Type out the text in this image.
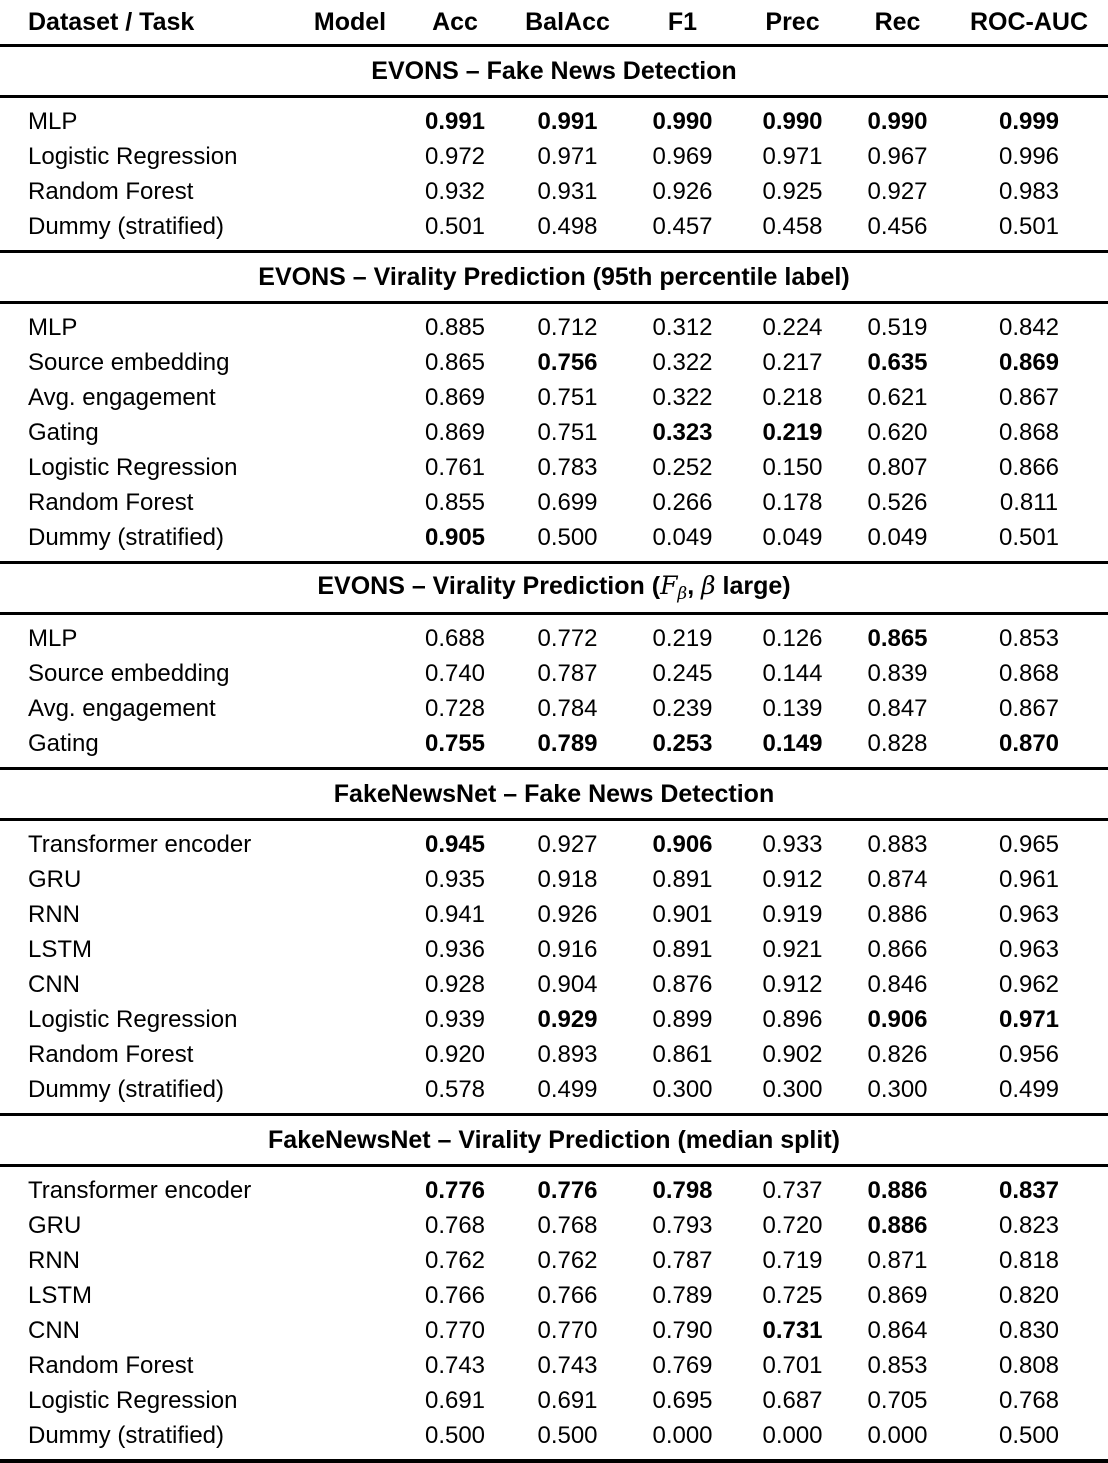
Dataset / Task	Model	Acc	BalAcc	F1	Prec	Rec	ROC-AUC
EVONS – Fake News Detection							
MLP		0.991	0.991	0.990	0.990	0.990	0.999
Logistic Regression		0.972	0.971	0.969	0.971	0.967	0.996
Random Forest		0.932	0.931	0.926	0.925	0.927	0.983
Dummy (stratified)		0.501	0.498	0.457	0.458	0.456	0.501
EVONS – Virality Prediction (95th percentile label)							
MLP		0.885	0.712	0.312	0.224	0.519	0.842
Source embedding		0.865	0.756	0.322	0.217	0.635	0.869
Avg. engagement		0.869	0.751	0.322	0.218	0.621	0.867
Gating		0.869	0.751	0.323	0.219	0.620	0.868
Logistic Regression		0.761	0.783	0.252	0.150	0.807	0.866
Random Forest		0.855	0.699	0.266	0.178	0.526	0.811
Dummy (stratified)		0.905	0.500	0.049	0.049	0.049	0.501
EVONS – Virality Prediction ($F_\beta$, β large)							
MLP		0.688	0.772	0.219	0.126	0.865	0.853
Source embedding		0.740	0.787	0.245	0.144	0.839	0.868
Avg. engagement		0.728	0.784	0.239	0.139	0.847	0.867
Gating		0.755	0.789	0.253	0.149	0.828	0.870
FakeNewsNet – Fake News Detection							
Transformer encoder		0.945	0.927	0.906	0.933	0.883	0.965
GRU		0.935	0.918	0.891	0.912	0.874	0.961
RNN		0.941	0.926	0.901	0.919	0.886	0.963
LSTM		0.936	0.916	0.891	0.921	0.866	0.963
CNN		0.928	0.904	0.876	0.912	0.846	0.962
Logistic Regression		0.939	0.929	0.899	0.896	0.906	0.971
Random Forest		0.920	0.893	0.861	0.902	0.826	0.956
Dummy (stratified)		0.578	0.499	0.300	0.300	0.300	0.499
FakeNewsNet – Virality Prediction (median split)							
Transformer encoder		0.776	0.776	0.798	0.737	0.886	0.837
GRU		0.768	0.768	0.793	0.720	0.886	0.823
RNN		0.762	0.762	0.787	0.719	0.871	0.818
LSTM		0.766	0.766	0.789	0.725	0.869	0.820
CNN		0.770	0.770	0.790	0.731	0.864	0.830
Random Forest		0.743	0.743	0.769	0.701	0.853	0.808
Logistic Regression		0.691	0.691	0.695	0.687	0.705	0.768
Dummy (stratified)		0.500	0.500	0.000	0.000	0.000	0.500
